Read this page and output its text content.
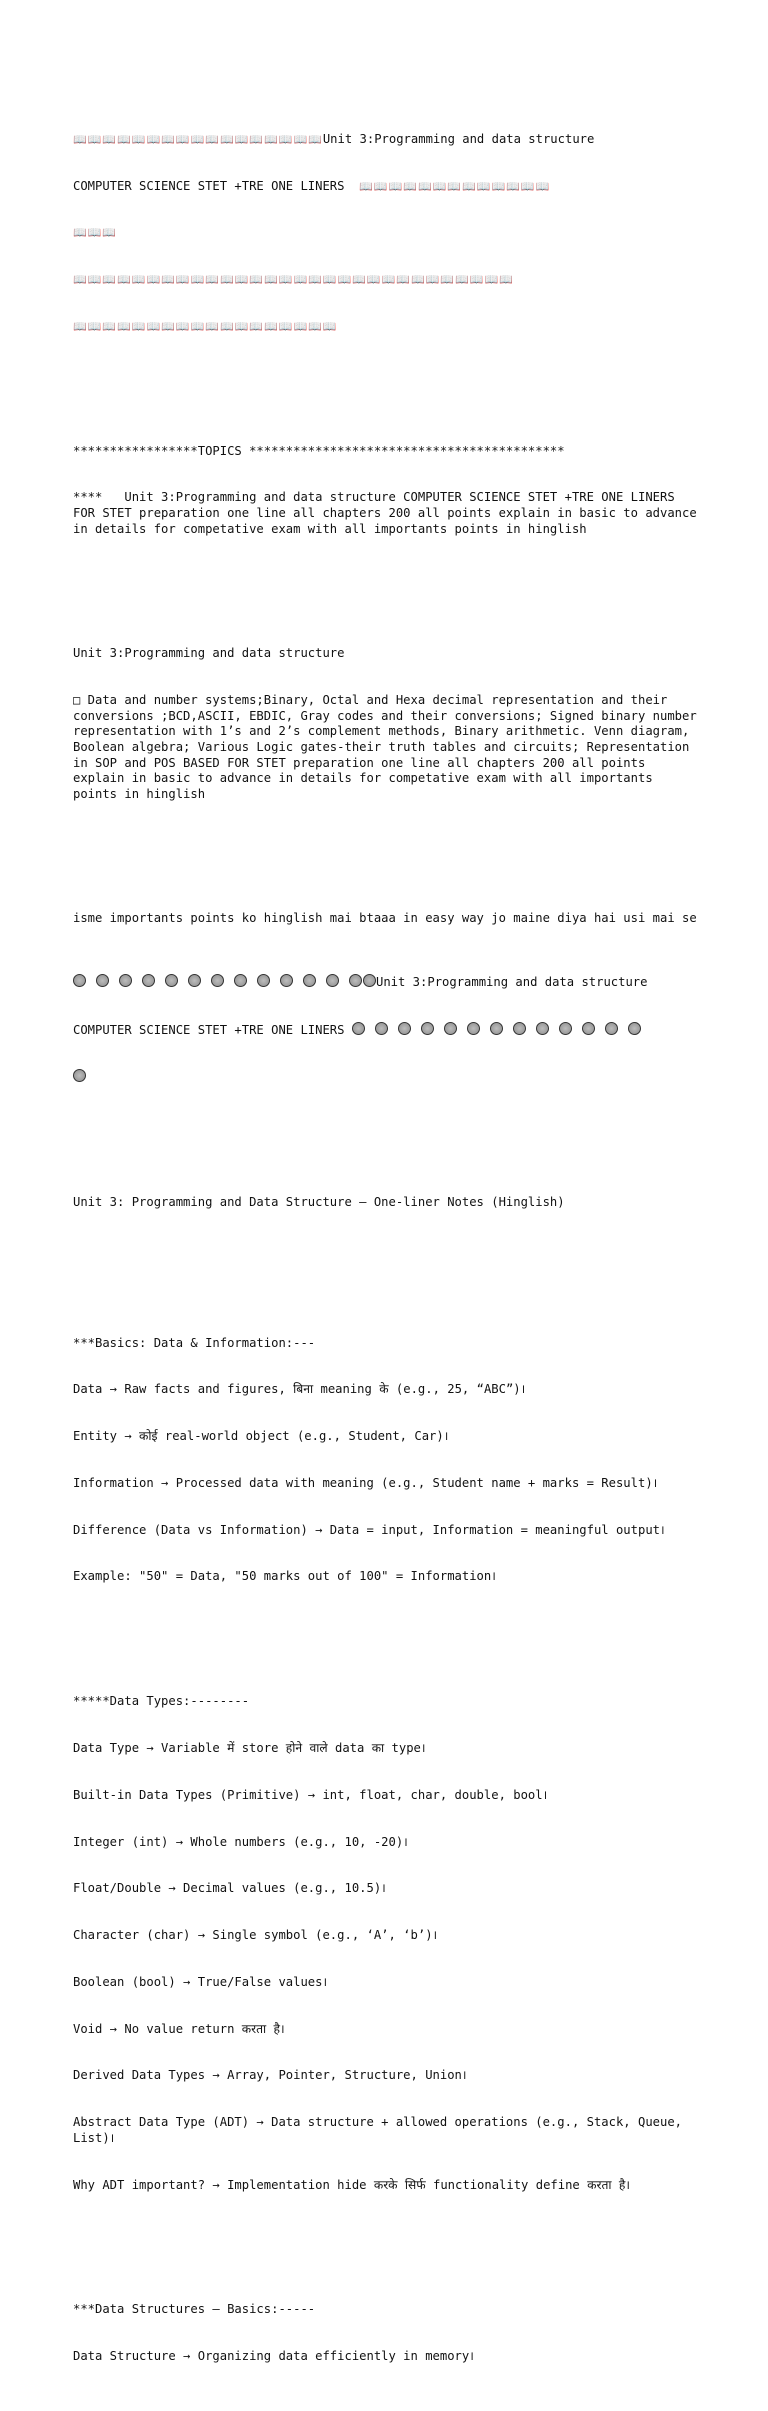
📖📖📖📖📖📖📖📖📖📖📖📖📖📖📖📖📖Unit 3:Programming and data structure

COMPUTER SCIENCE STET +TRE ONE LINERS  📖📖📖📖📖📖📖📖📖📖📖📖📖

📖📖📖

📖📖📖📖📖📖📖📖📖📖📖📖📖📖📖📖📖📖📖📖📖📖📖📖📖📖📖📖📖📖

📖📖📖📖📖📖📖📖📖📖📖📖📖📖📖📖📖📖

*****************TOPICS *******************************************

****   Unit 3:Programming and data structure COMPUTER SCIENCE STET +TRE ONE LINERS FOR STET preparation one line all chapters 200 all points explain in basic to advance in details for competative exam with all importants points in hinglish

Unit 3:Programming and data structure

□ Data and number systems;Binary, Octal and Hexa decimal representation and their conversions ;BCD,ASCII, EBDIC, Gray codes and their conversions; Signed binary number representation with 1’s and 2’s complement methods, Binary arithmetic. Venn diagram, Boolean algebra; Various Logic gates-their truth tables and circuits; Representation in SOP and POS BASED FOR STET preparation one line all chapters 200 all points explain in basic to advance in details for competative exam with all importants points in hinglish

isme importants points ko hinglish mai btaaa in easy way jo maine diya hai usi mai se

Unit 3:Programming and data structure

COMPUTER SCIENCE STET +TRE ONE LINERS

Unit 3: Programming and Data Structure – One-liner Notes (Hinglish)

***Basics: Data & Information:---

Data → Raw facts and figures, बिना meaning के (e.g., 25, “ABC”)।

Entity → कोई real-world object (e.g., Student, Car)।

Information → Processed data with meaning (e.g., Student name + marks = Result)।

Difference (Data vs Information) → Data = input, Information = meaningful output।

Example: "50" = Data, "50 marks out of 100" = Information।

*****Data Types:--------

Data Type → Variable में store होने वाले data का type।

Built-in Data Types (Primitive) → int, float, char, double, bool।

Integer (int) → Whole numbers (e.g., 10, -20)।

Float/Double → Decimal values (e.g., 10.5)।

Character (char) → Single symbol (e.g., ‘A’, ‘b’)।

Boolean (bool) → True/False values।

Void → No value return करता है।

Derived Data Types → Array, Pointer, Structure, Union।

Abstract Data Type (ADT) → Data structure + allowed operations (e.g., Stack, Queue, List)।

Why ADT important? → Implementation hide करके सिर्फ functionality define करता है।

***Data Structures – Basics:-----

Data Structure → Organizing data efficiently in memory।
